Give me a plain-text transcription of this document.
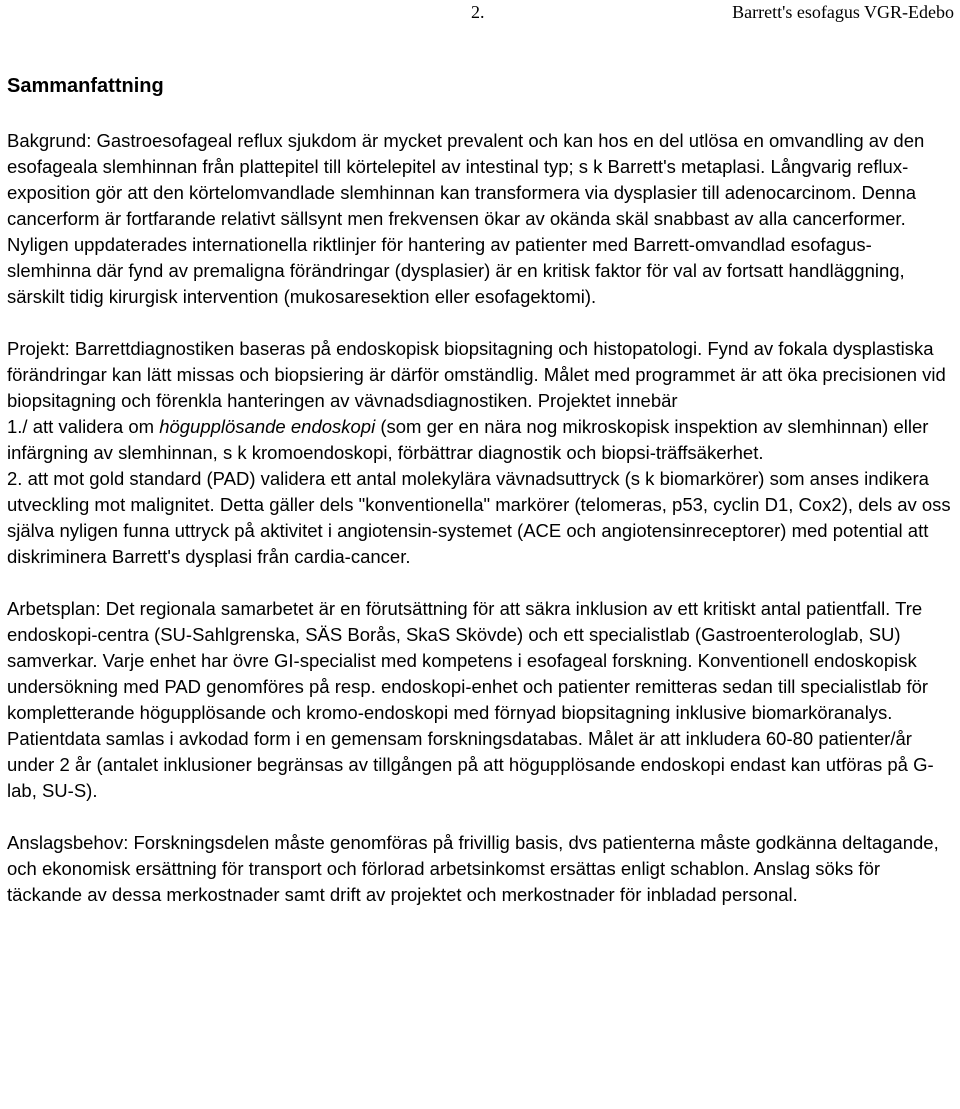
2.	Barrett's esofagus VGR-Edebo
Sammanfattning

Bakgrund: Gastroesofageal reflux sjukdom är mycket prevalent och kan hos en del utlösa en omvandling av den esofageala slemhinnan från plattepitel till körtelepitel av intestinal typ; s k Barrett's metaplasi. Långvarig reflux-exposition gör att den körtelomvandlade slemhinnan kan transformera via dysplasier till adenocarcinom. Denna cancerform är fortfarande relativt sällsynt men frekvensen ökar av okända skäl snabbast av alla cancerformer. Nyligen uppdaterades internationella riktlinjer för hantering av patienter med Barrett-omvandlad esofagus-slemhinna där fynd av premaligna förändringar (dysplasier) är en kritisk faktor för val av fortsatt handläggning, särskilt tidig kirurgisk intervention (mukosaresektion eller esofagektomi).

Projekt: Barrettdiagnostiken baseras på endoskopisk biopsitagning och histopatologi. Fynd av fokala dysplastiska förändringar kan lätt missas och biopsiering är därför omständlig. Målet med programmet är att öka precisionen vid biopsitagning och förenkla hanteringen av vävnadsdiagnostiken. Projektet innebär

1./ att validera om högupplösande endoskopi (som ger en nära nog mikroskopisk inspektion av slemhinnan) eller infärgning av slemhinnan, s k kromoendoskopi, förbättrar diagnostik och biopsi-träffsäkerhet.

2. att mot gold standard (PAD) validera ett antal molekylära vävnadsuttryck (s k biomarkörer) som anses indikera utveckling mot malignitet. Detta gäller dels "konventionella" markörer (telomeras, p53, cyclin D1, Cox2), dels av oss själva nyligen funna uttryck på aktivitet i angiotensin-systemet (ACE och angiotensinreceptorer) med potential att diskriminera Barrett's dysplasi från cardia-cancer.

Arbetsplan: Det regionala samarbetet är en förutsättning för att säkra inklusion av ett kritiskt antal patientfall. Tre endoskopi-centra (SU-Sahlgrenska, SÄS Borås, SkaS Skövde) och ett specialistlab (Gastroenterologlab, SU) samverkar. Varje enhet har övre GI-specialist med kompetens i esofageal forskning. Konventionell endoskopisk undersökning med PAD genomföres på resp. endoskopi-enhet och patienter remitteras sedan till specialistlab för kompletterande högupplösande och kromo-endoskopi med förnyad biopsitagning inklusive biomarköranalys. Patientdata samlas i avkodad form i en gemensam forskningsdatabas. Målet är att inkludera 60-80 patienter/år under 2 år (antalet inklusioner begränsas av tillgången på att högupplösande endoskopi endast kan utföras på G-lab, SU-S).

Anslagsbehov: Forskningsdelen måste genomföras på frivillig basis, dvs patienterna måste godkänna deltagande, och ekonomisk ersättning för transport och förlorad arbetsinkomst ersättas enligt schablon. Anslag söks för täckande av dessa merkostnader samt drift av projektet och merkostnader för inbladad personal.
